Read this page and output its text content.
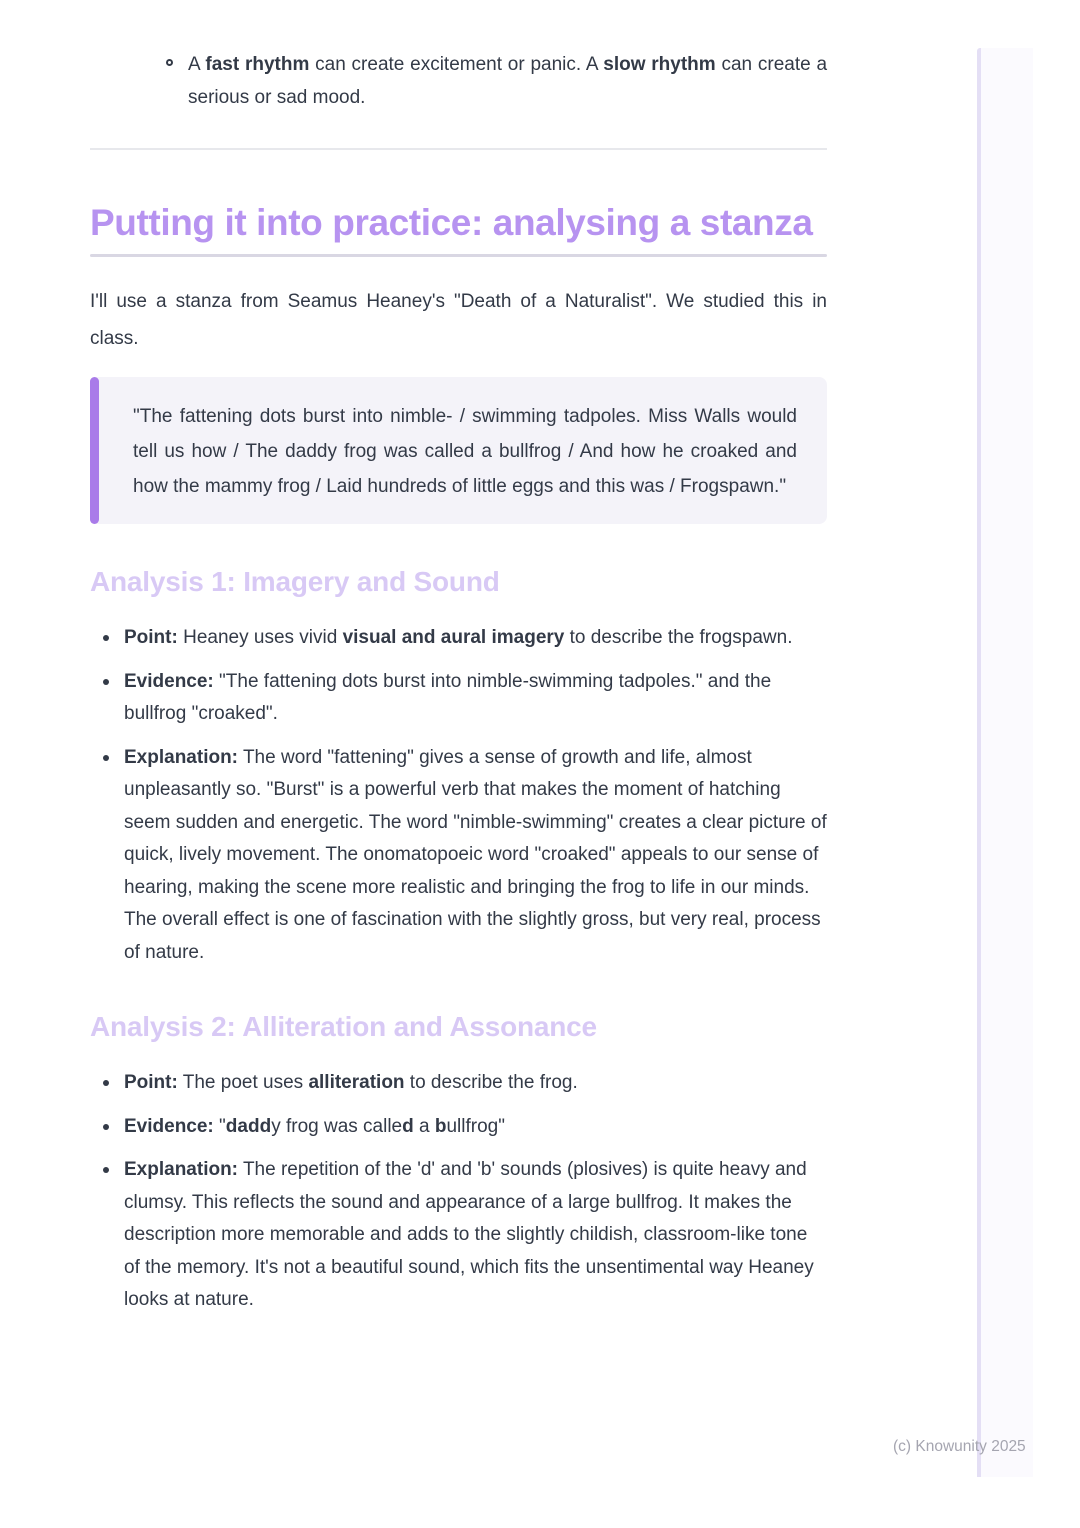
A fast rhythm can create excitement or panic. A slow rhythm can create a serious or sad mood.
Putting it into practice: analysing a stanza

I'll use a stanza from Seamus Heaney's "Death of a Naturalist". We studied this in class.

"The fattening dots burst into nimble- / swimming tadpoles. Miss Walls would tell us how / The daddy frog was called a bullfrog / And how he croaked and how the mammy frog / Laid hundreds of little eggs and this was / Frogspawn."
Analysis 1: Imagery and Sound
Point: Heaney uses vivid visual and aural imagery to describe the frogspawn.
Evidence: "The fattening dots burst into nimble-swimming tadpoles." and the bullfrog "croaked".
Explanation: The word "fattening" gives a sense of growth and life, almost unpleasantly so. "Burst" is a powerful verb that makes the moment of hatching seem sudden and energetic. The word "nimble-swimming" creates a clear picture of quick, lively movement. The onomatopoeic word "croaked" appeals to our sense of hearing, making the scene more realistic and bringing the frog to life in our minds. The overall effect is one of fascination with the slightly gross, but very real, process of nature.
Analysis 2: Alliteration and Assonance
Point: The poet uses alliteration to describe the frog.
Evidence: "daddy frog was called a bullfrog"
Explanation: The repetition of the 'd' and 'b' sounds (plosives) is quite heavy and clumsy. This reflects the sound and appearance of a large bullfrog. It makes the description more memorable and adds to the slightly childish, classroom-like tone of the memory. It's not a beautiful sound, which fits the unsentimental way Heaney looks at nature.
(c) Knowunity 2025
